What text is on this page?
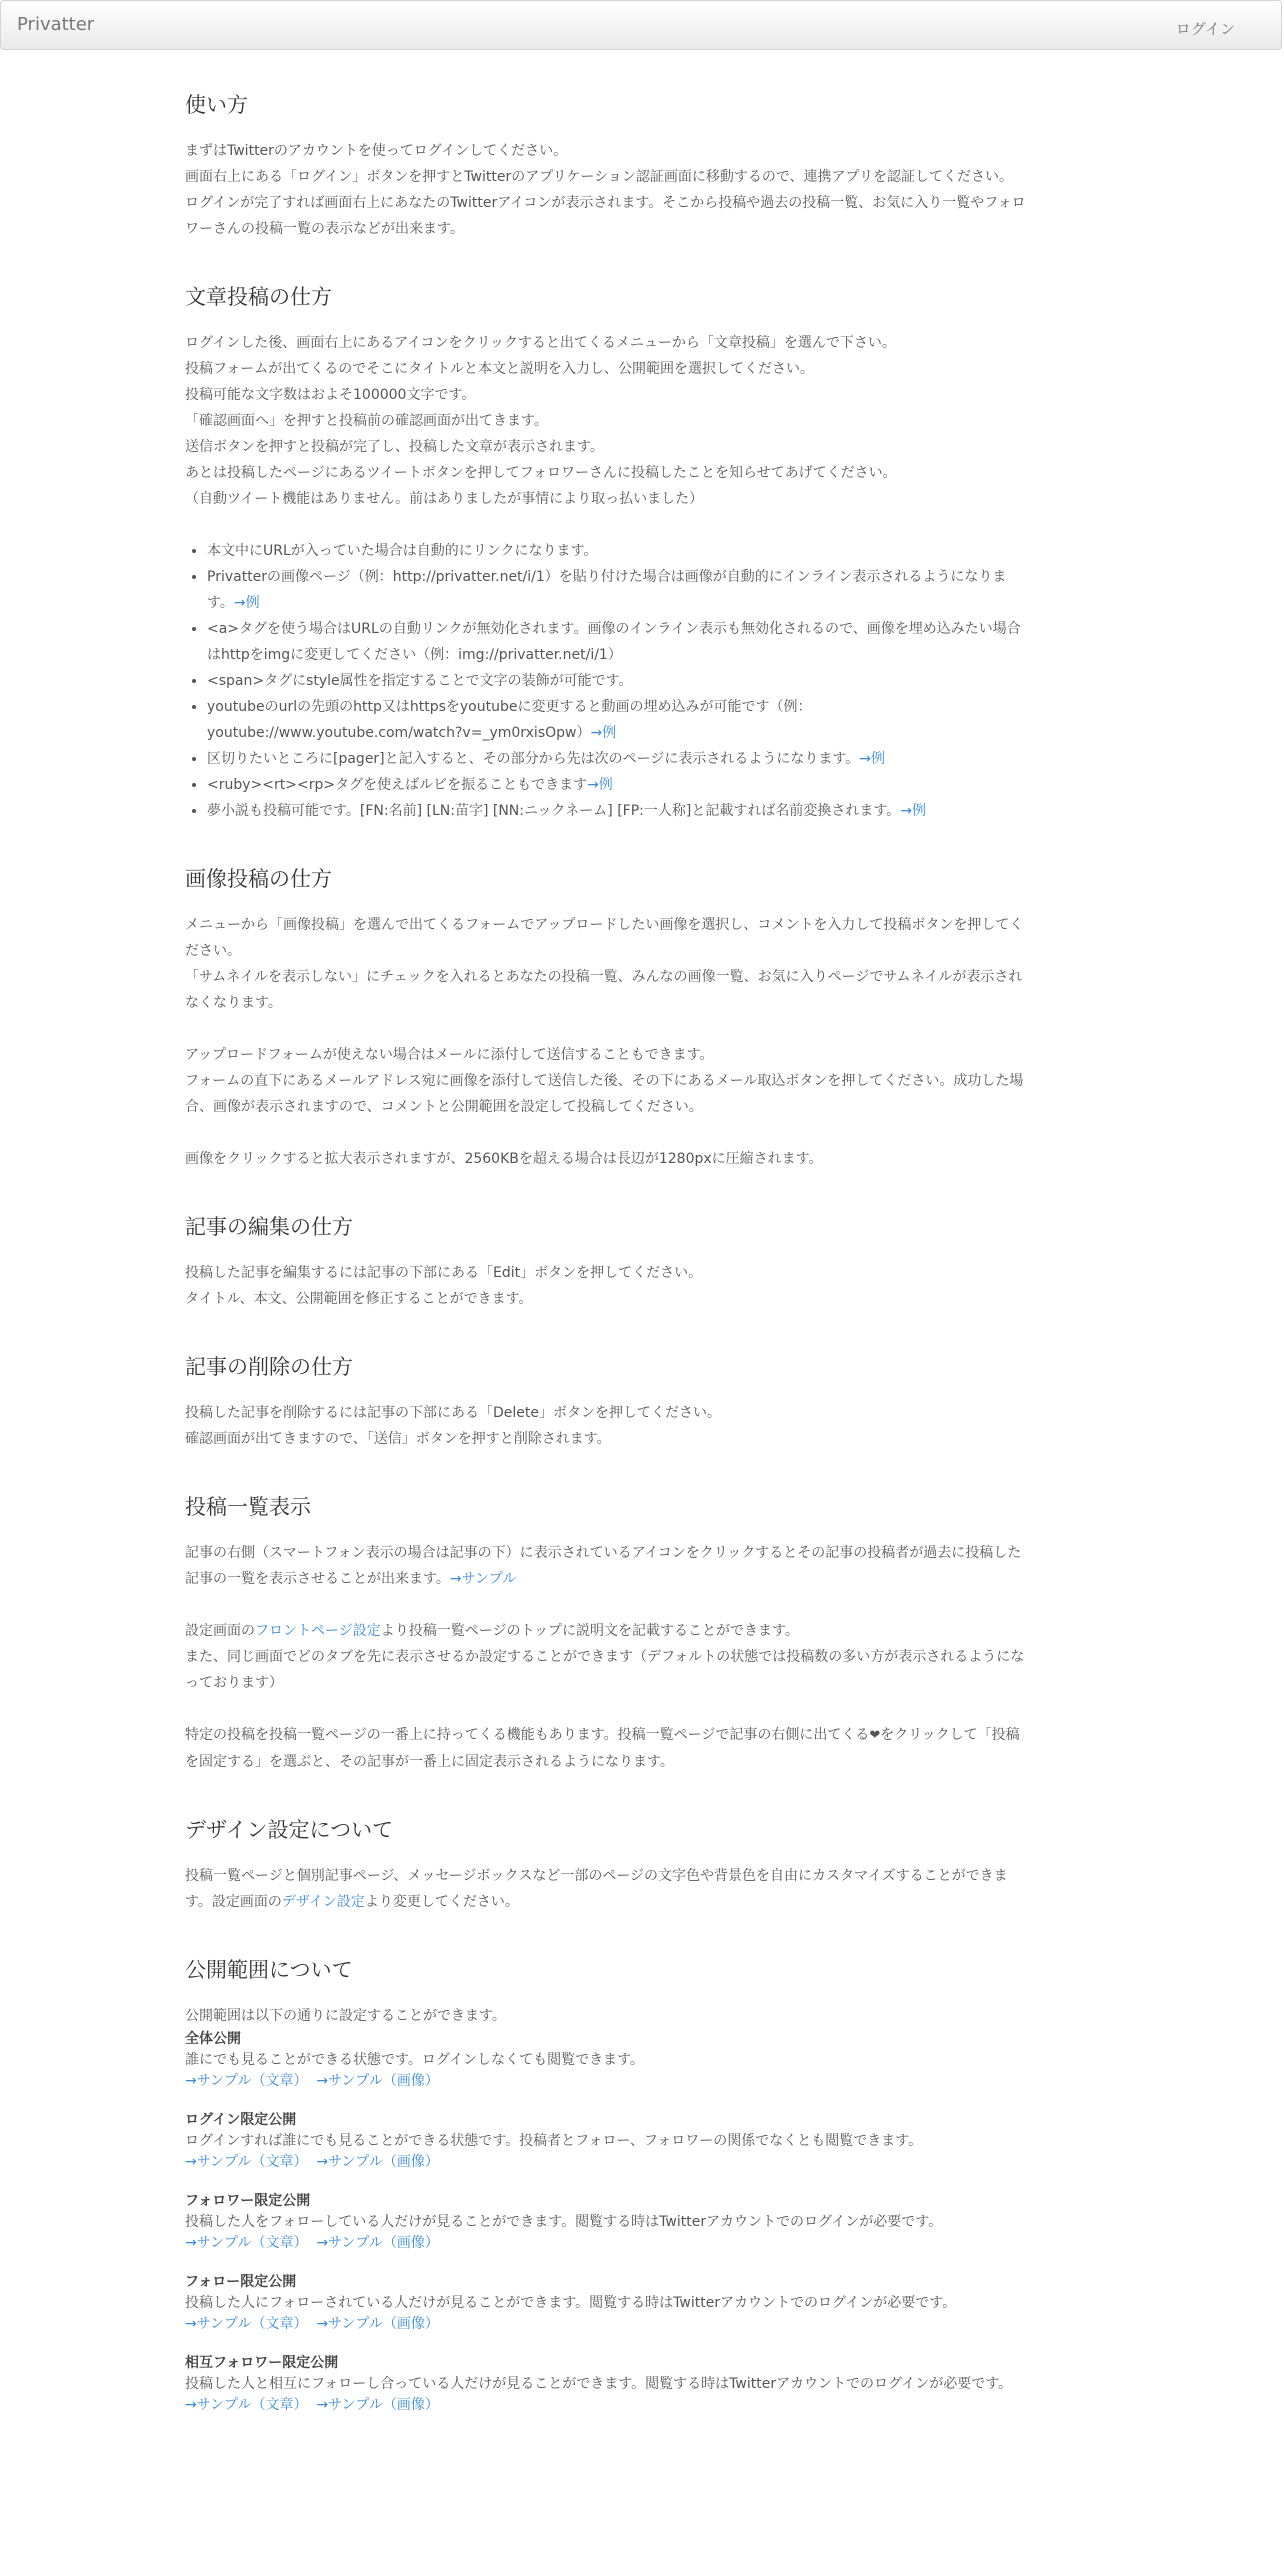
Privatter	ログイン
使い方

まずはTwitterのアカウントを使ってログインしてください。

画面右上にある「ログイン」ボタンを押すとTwitterのアプリケーション認証画面に移動するので、連携アプリを認証してください。

ログインが完了すれば画面右上にあなたのTwitterアイコンが表示されます。そこから投稿や過去の投稿一覧、お気に入り一覧やフォロワーさんの投稿一覧の表示などが出来ます。

文章投稿の仕方

ログインした後、画面右上にあるアイコンをクリックすると出てくるメニューから「文章投稿」を選んで下さい。

投稿フォームが出てくるのでそこにタイトルと本文と説明を入力し、公開範囲を選択してください。

投稿可能な文字数はおよそ100000文字です。

「確認画面へ」を押すと投稿前の確認画面が出てきます。

送信ボタンを押すと投稿が完了し、投稿した文章が表示されます。

あとは投稿したページにあるツイートボタンを押してフォロワーさんに投稿したことを知らせてあげてください。

（自動ツイート機能はありません。前はありましたが事情により取っ払いました）

• 本文中にURLが入っていた場合は自動的にリンクになります。
• Privatterの画像ページ（例：http://privatter.net/i/1）を貼り付けた場合は画像が自動的にインライン表示されるようになります。→例
• <a>タグを使う場合はURLの自動リンクが無効化されます。画像のインライン表示も無効化されるので、画像を埋め込みたい場合はhttpをimgに変更してください（例：img://privatter.net/i/1）
• <span>タグにstyle属性を指定することで文字の装飾が可能です。
• youtubeのurlの先頭のhttp又はhttpsをyoutubeに変更すると動画の埋め込みが可能です（例：youtube://www.youtube.com/watch?v=_ym0rxisOpw）→例
• 区切りたいところに[pager]と記入すると、その部分から先は次のページに表示されるようになります。→例
• <ruby><rt><rp>タグを使えばルビを振ることもできます→例
• 夢小説も投稿可能です。[FN:名前] [LN:苗字] [NN:ニックネーム] [FP:一人称]と記載すれば名前変換されます。→例
画像投稿の仕方

メニューから「画像投稿」を選んで出てくるフォームでアップロードしたい画像を選択し、コメントを入力して投稿ボタンを押してください。

「サムネイルを表示しない」にチェックを入れるとあなたの投稿一覧、みんなの画像一覧、お気に入りページでサムネイルが表示されなくなります。

アップロードフォームが使えない場合はメールに添付して送信することもできます。

フォームの直下にあるメールアドレス宛に画像を添付して送信した後、その下にあるメール取込ボタンを押してください。成功した場合、画像が表示されますので、コメントと公開範囲を設定して投稿してください。

画像をクリックすると拡大表示されますが、2560KBを超える場合は長辺が1280pxに圧縮されます。

記事の編集の仕方

投稿した記事を編集するには記事の下部にある「Edit」ボタンを押してください。

タイトル、本文、公開範囲を修正することができます。

記事の削除の仕方

投稿した記事を削除するには記事の下部にある「Delete」ボタンを押してください。

確認画面が出てきますので、「送信」ボタンを押すと削除されます。

投稿一覧表示

記事の右側（スマートフォン表示の場合は記事の下）に表示されているアイコンをクリックするとその記事の投稿者が過去に投稿した記事の一覧を表示させることが出来ます。→サンプル

設定画面のフロントページ設定より投稿一覧ページのトップに説明文を記載することができます。

また、同じ画面でどのタブを先に表示させるか設定することができます（デフォルトの状態では投稿数の多い方が表示されるようになっております）

特定の投稿を投稿一覧ページの一番上に持ってくる機能もあります。投稿一覧ページで記事の右側に出てくる❤をクリックして「投稿を固定する」を選ぶと、その記事が一番上に固定表示されるようになります。

デザイン設定について

投稿一覧ページと個別記事ページ、メッセージボックスなど一部のページの文字色や背景色を自由にカスタマイズすることができます。設定画面のデザイン設定より変更してください。

公開範囲について

公開範囲は以下の通りに設定することができます。

全体公開

誰にでも見ることができる状態です。ログインしなくても閲覧できます。

→サンプル（文章） →サンプル（画像）

ログイン限定公開

ログインすれば誰にでも見ることができる状態です。投稿者とフォロー、フォロワーの関係でなくとも閲覧できます。

→サンプル（文章） →サンプル（画像）

フォロワー限定公開

投稿した人をフォローしている人だけが見ることができます。閲覧する時はTwitterアカウントでのログインが必要です。

→サンプル（文章） →サンプル（画像）

フォロー限定公開

投稿した人にフォローされている人だけが見ることができます。閲覧する時はTwitterアカウントでのログインが必要です。

→サンプル（文章） →サンプル（画像）

相互フォロワー限定公開

投稿した人と相互にフォローし合っている人だけが見ることができます。閲覧する時はTwitterアカウントでのログインが必要です。

→サンプル（文章） →サンプル（画像）
